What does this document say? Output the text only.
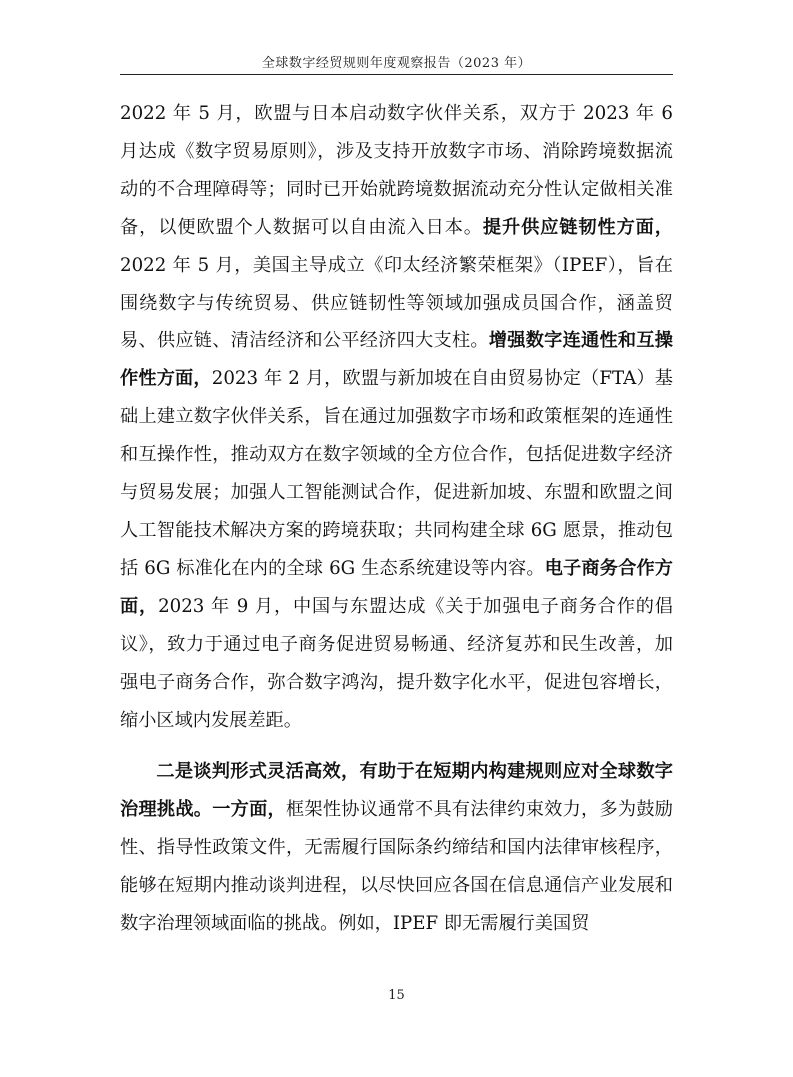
全球数字经贸规则年度观察报告（2023 年）

2022 年 5 月，欧盟与日本启动数字伙伴关系，双方于 2023 年 6 月达成《数字贸易原则》，涉及支持开放数字市场、消除跨境数据流动的不合理障碍等；同时已开始就跨境数据流动充分性认定做相关准备，以便欧盟个人数据可以自由流入日本。提升供应链韧性方面，2022 年 5 月，美国主导成立《印太经济繁荣框架》（IPEF），旨在围绕数字与传统贸易、供应链韧性等领域加强成员国合作，涵盖贸易、供应链、清洁经济和公平经济四大支柱。增强数字连通性和互操作性方面，2023 年 2 月，欧盟与新加坡在自由贸易协定（FTA）基础上建立数字伙伴关系，旨在通过加强数字市场和政策框架的连通性和互操作性，推动双方在数字领域的全方位合作，包括促进数字经济与贸易发展；加强人工智能测试合作，促进新加坡、东盟和欧盟之间人工智能技术解决方案的跨境获取；共同构建全球 6G 愿景，推动包括 6G 标准化在内的全球 6G 生态系统建设等内容。电子商务合作方面，2023 年 9 月，中国与东盟达成《关于加强电子商务合作的倡议》，致力于通过电子商务促进贸易畅通、经济复苏和民生改善，加强电子商务合作，弥合数字鸿沟，提升数字化水平，促进包容增长，缩小区域内发展差距。

二是谈判形式灵活高效，有助于在短期内构建规则应对全球数字治理挑战。一方面，框架性协议通常不具有法律约束效力，多为鼓励性、指导性政策文件，无需履行国际条约缔结和国内法律审核程序，能够在短期内推动谈判进程，以尽快回应各国在信息通信产业发展和数字治理领域面临的挑战。例如，IPEF 即无需履行美国贸

15
